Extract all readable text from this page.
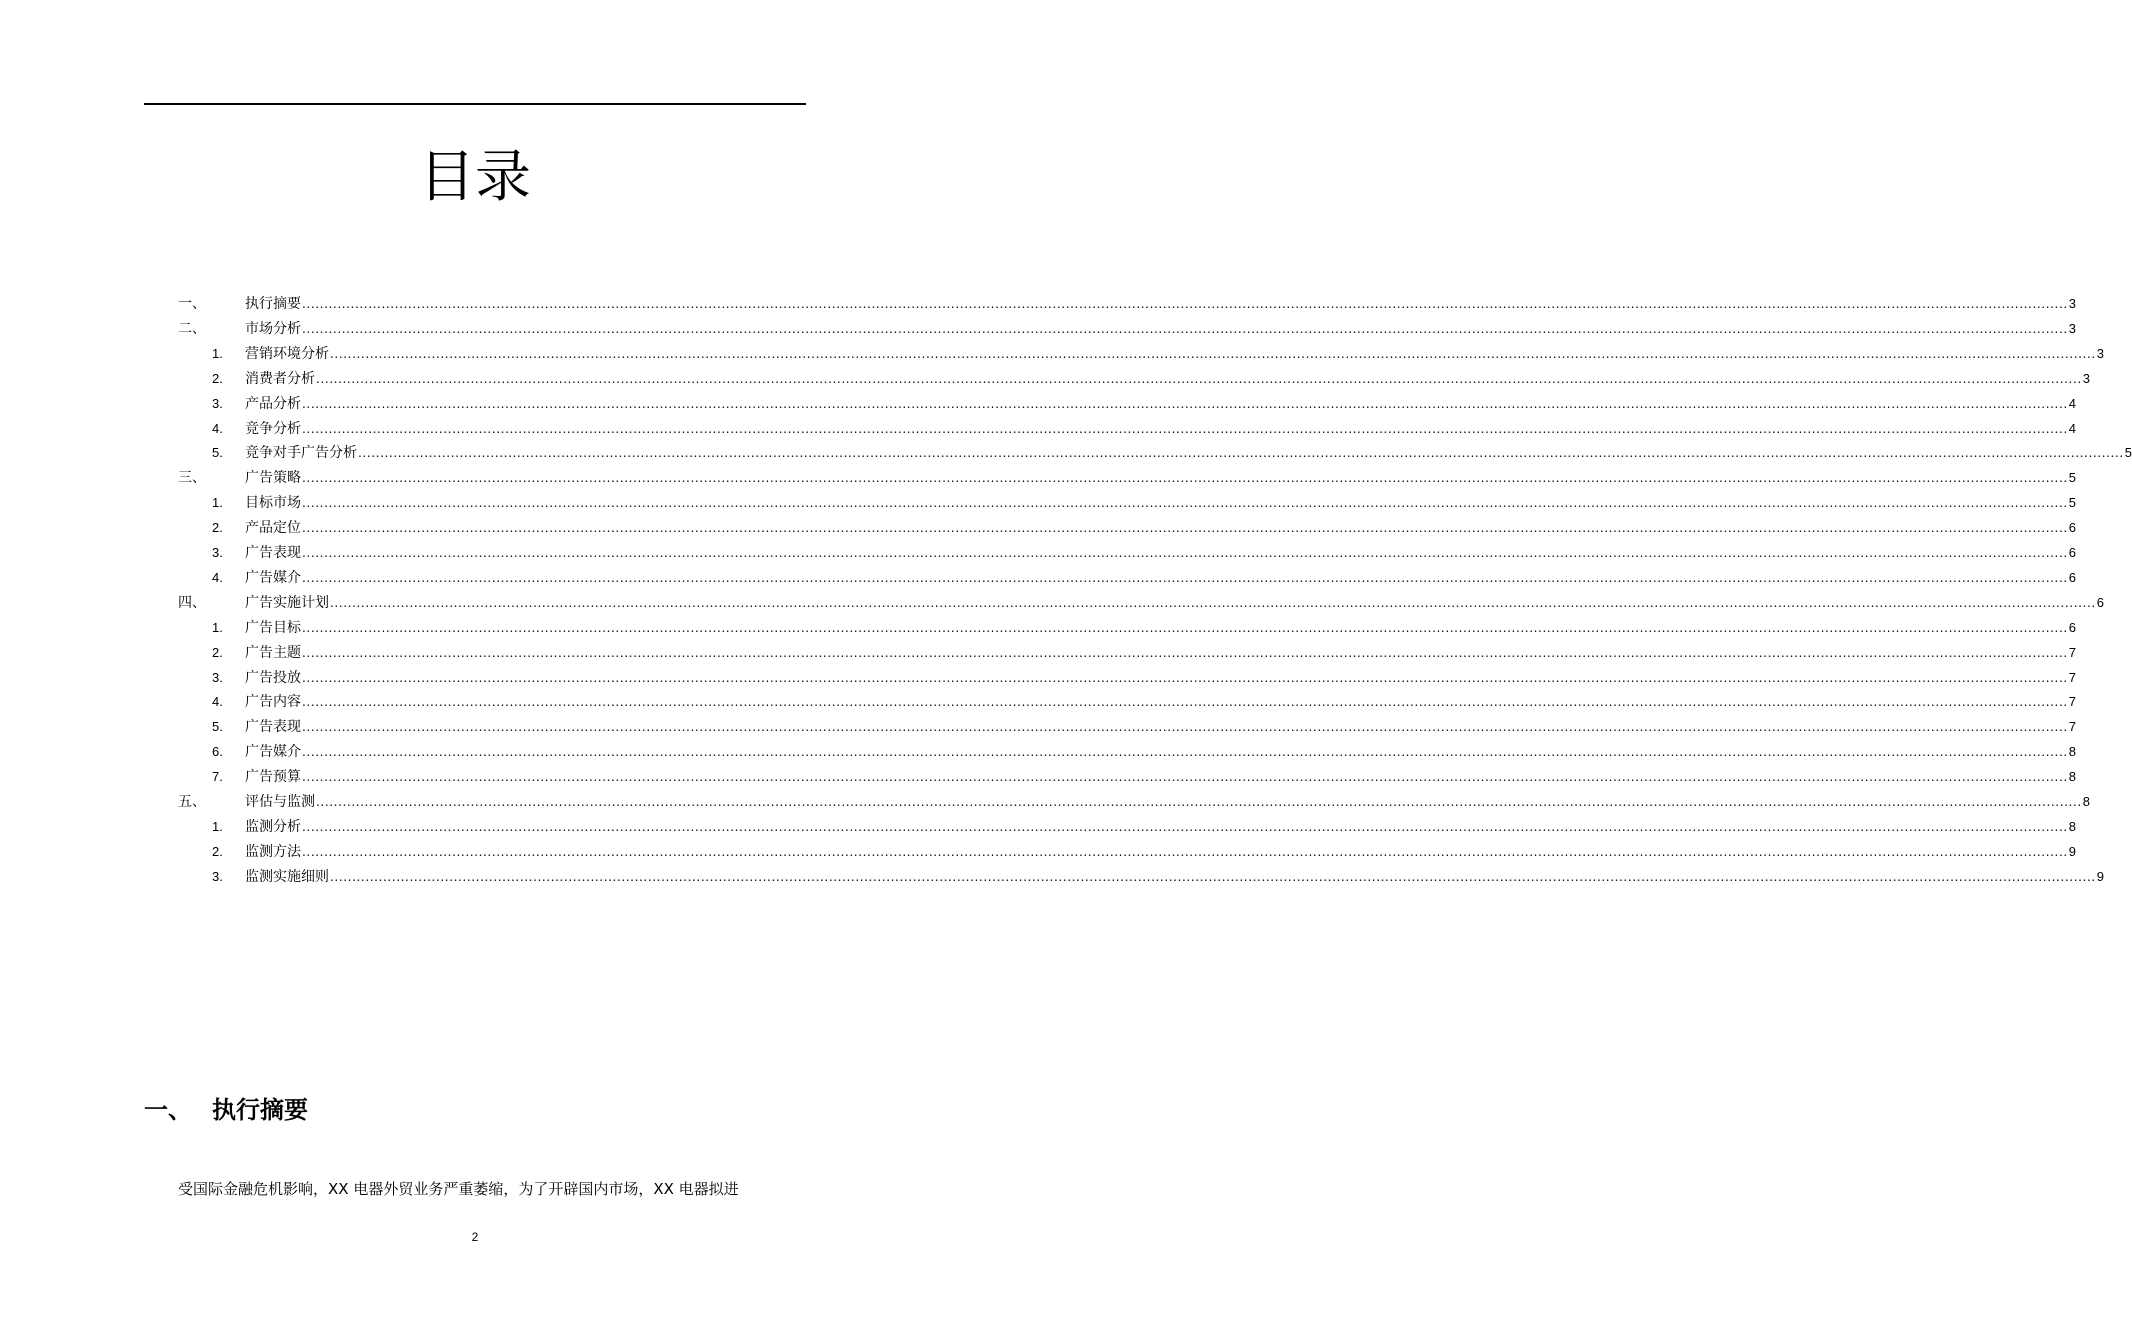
目录
一、	执行摘要 ................................................................................................................................................................................................................................................................................................................................................................................................................ 3
二、	市场分析 ................................................................................................................................................................................................................................................................................................................................................................................................................ 3
1. 营销环境分析 ................................................................................................................................................................................................................................................................................................................................................................................................................ 3
2. 消费者分析 ................................................................................................................................................................................................................................................................................................................................................................................................................ 3
3. 产品分析 ................................................................................................................................................................................................................................................................................................................................................................................................................ 4
4. 竞争分析 ................................................................................................................................................................................................................................................................................................................................................................................................................ 4
5. 竞争对手广告分析 ................................................................................................................................................................................................................................................................................................................................................................................................................ 5
三、	广告策略 ................................................................................................................................................................................................................................................................................................................................................................................................................ 5
1. 目标市场 ................................................................................................................................................................................................................................................................................................................................................................................................................ 5
2. 产品定位 ................................................................................................................................................................................................................................................................................................................................................................................................................ 6
3. 广告表现 ................................................................................................................................................................................................................................................................................................................................................................................................................ 6
4. 广告媒介 ................................................................................................................................................................................................................................................................................................................................................................................................................ 6
四、	广告实施计划 ................................................................................................................................................................................................................................................................................................................................................................................................................ 6
1. 广告目标 ................................................................................................................................................................................................................................................................................................................................................................................................................ 6
2. 广告主题 ................................................................................................................................................................................................................................................................................................................................................................................................................ 7
3. 广告投放 ................................................................................................................................................................................................................................................................................................................................................................................................................ 7
4. 广告内容 ................................................................................................................................................................................................................................................................................................................................................................................................................ 7
5. 广告表现 ................................................................................................................................................................................................................................................................................................................................................................................................................ 7
6. 广告媒介 ................................................................................................................................................................................................................................................................................................................................................................................................................ 8
7. 广告预算 ................................................................................................................................................................................................................................................................................................................................................................................................................ 8
五、	评估与监测 ................................................................................................................................................................................................................................................................................................................................................................................................................ 8
1. 监测分析 ................................................................................................................................................................................................................................................................................................................................................................................................................ 8
2. 监测方法 ................................................................................................................................................................................................................................................................................................................................................................................................................ 9
3. 监测实施细则 ................................................................................................................................................................................................................................................................................................................................................................................................................ 9
一、 执行摘要
受国际金融危机影响，XX 电器外贸业务严重萎缩，为了开辟国内市场，XX 电器拟进
2
